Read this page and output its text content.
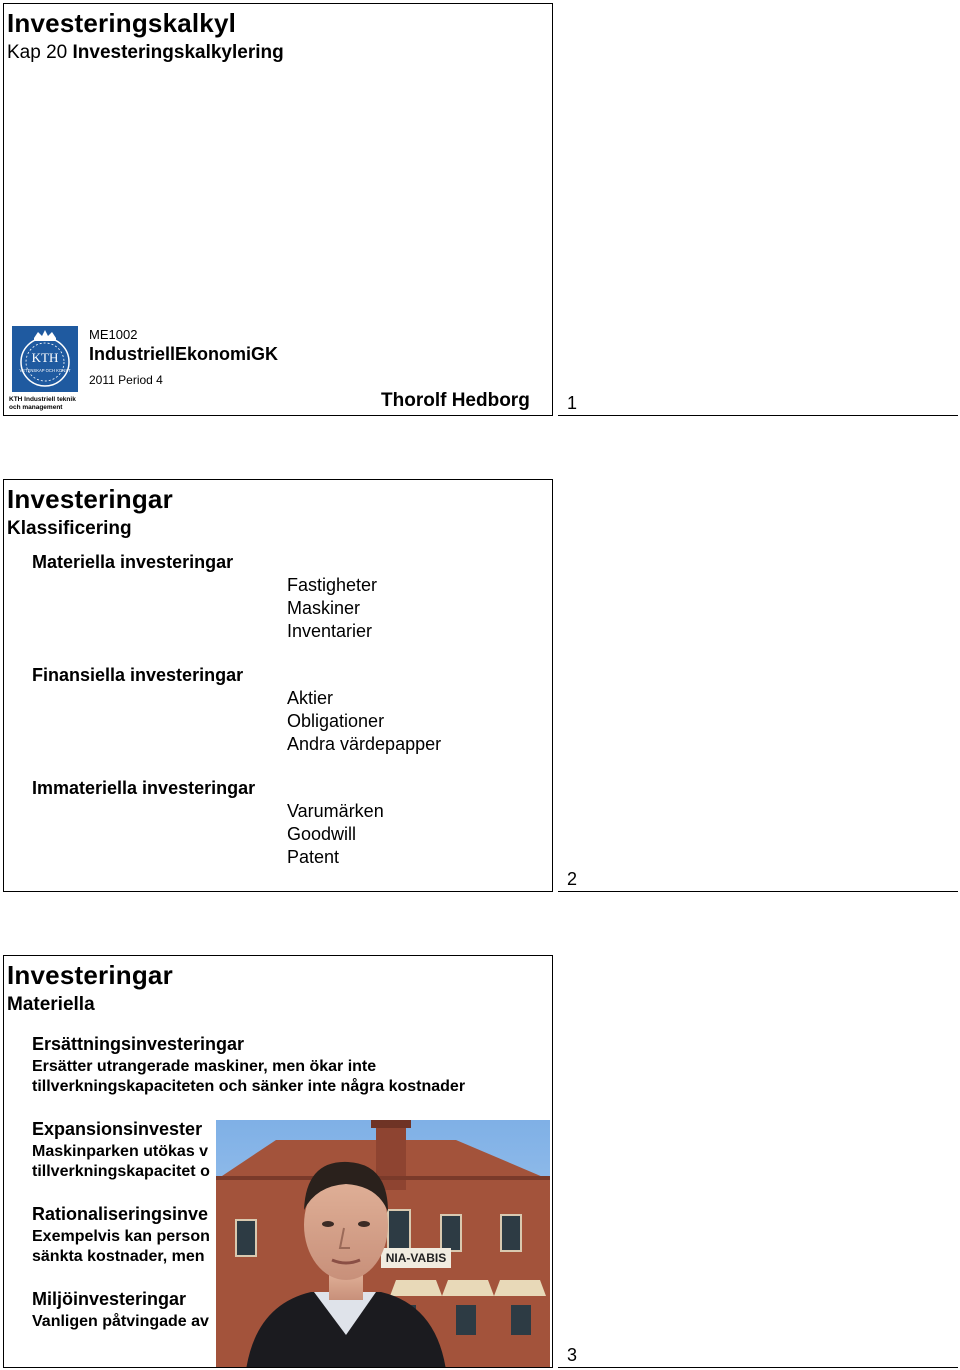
Investeringskalkyl
Kap 20 Investeringskalkylering
KTH
VETENSKAP OCH KONST
KTH Industriell teknik
och management
ME1002
IndustriellEkonomiGK
2011 Period 4
Thorolf Hedborg 1
Investeringar
Klassificering
Materiella investeringar
Fastigheter
Maskiner
Inventarier
Finansiella investeringar
Aktier
Obligationer
Andra värdepapper
Immateriella investeringar
Varumärken
Goodwill
Patent
2
Investeringar
Materiella
Ersättningsinvesteringar
Ersätter utrangerade maskiner, men ökar inte
tillverkningskapaciteten och sänker inte några kostnader
Expansionsinvester
Maskinparken utökas v
tillverkningskapacitet o
Rationaliseringsinve
Exempelvis kan person
sänkta kostnader, men
Miljöinvesteringar
Vanligen påtvingade av
NIA-VABIS
3
